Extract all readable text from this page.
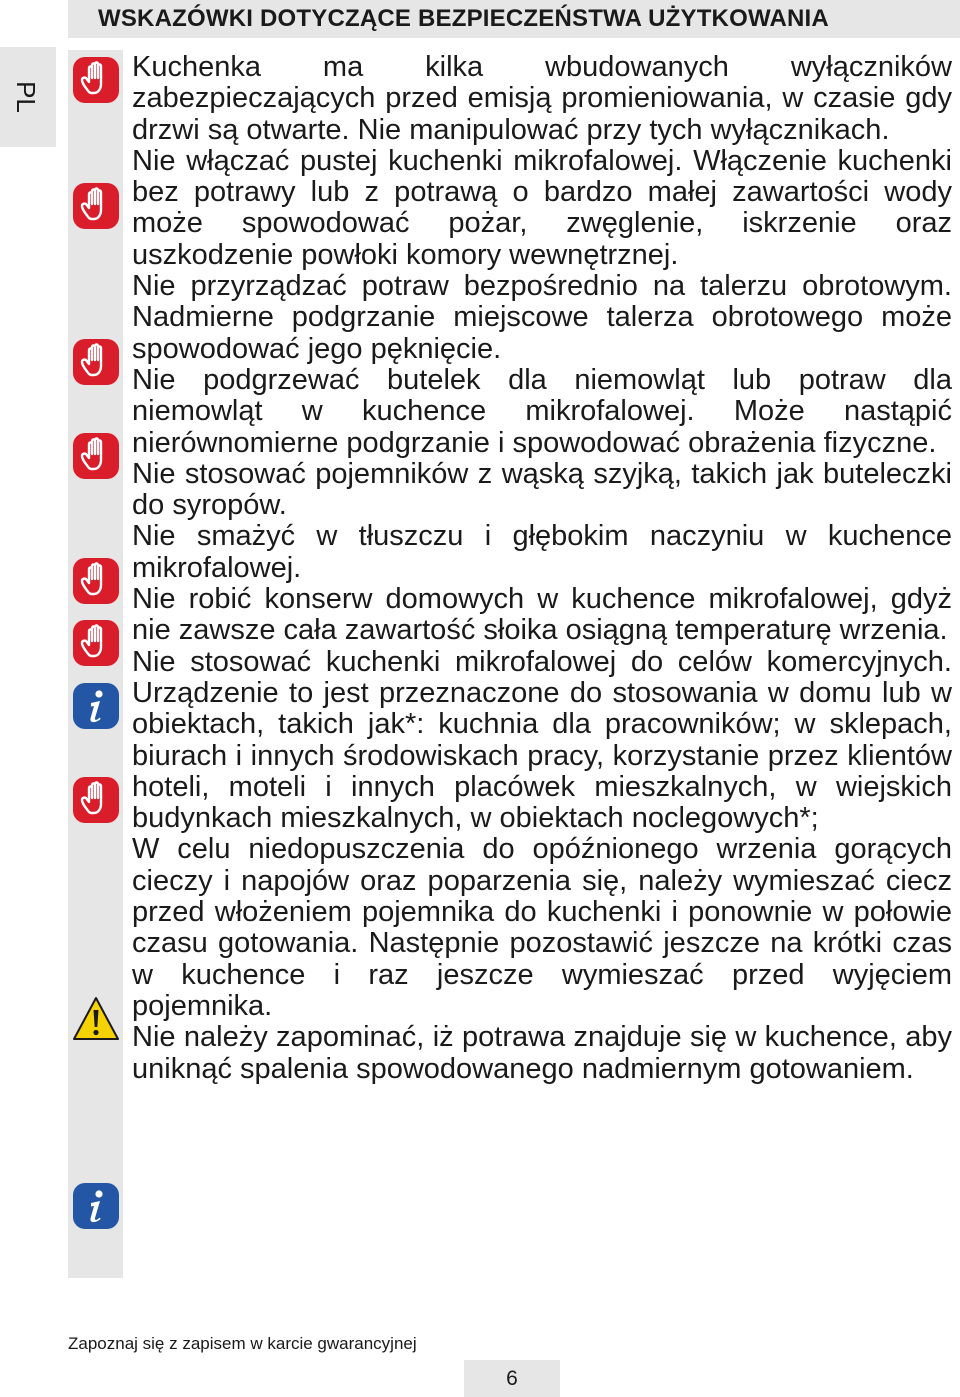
WSKAZÓWKI DOTYCZĄCE BEZPIECZEŃSTWA UŻYTKOWANIA
PL

Kuchenka ma kilka wbudowanych wyłączników zabezpieczających przed emisją promieniowania, w czasie gdy drzwi są otwarte. Nie manipulować przy tych wyłącznikach.

Nie włączać pustej kuchenki mikrofalowej. Włączenie kuchenki bez potrawy lub z potrawą o bardzo małej zawartości wody może spowodować pożar, zwęglenie, iskrzenie oraz uszkodzenie powłoki komory wewnętrznej.

Nie przyrządzać potraw bezpośrednio na talerzu obrotowym. Nadmierne podgrzanie miejscowe talerza obrotowego może spowodować jego pęknięcie.

Nie podgrzewać butelek dla niemowląt lub potraw dla niemowląt w kuchence mikrofalowej. Może nastąpić nierównomierne podgrzanie i spowodować obrażenia fizyczne.

Nie stosować pojemników z wąską szyjką, takich jak buteleczki do syropów.

Nie smażyć w tłuszczu i głębokim naczyniu w kuchence mikrofalowej.

Nie robić konserw domowych w kuchence mikrofalowej, gdyż nie zawsze cała zawartość słoika osiągną temperaturę wrzenia.

Nie stosować kuchenki mikrofalowej do celów komercyjnych. Urządzenie to jest przeznaczone do stosowania w domu lub w obiektach, takich jak*: kuchnia dla pracowników; w sklepach, biurach i innych środowiskach pracy, korzystanie przez klientów hoteli, moteli i innych placówek mieszkalnych, w wiejskich budynkach mieszkalnych, w obiektach noclegowych*;

W celu niedopuszczenia do opóźnionego wrzenia gorących cieczy i napojów oraz poparzenia się, należy wymieszać ciecz przed włożeniem pojemnika do kuchenki i ponownie w połowie czasu gotowania. Następnie pozostawić jeszcze na krótki czas w kuchence i raz jeszcze wymieszać przed wyjęciem pojemnika.

Nie należy zapominać, iż potrawa znajduje się w kuchence, aby uniknąć spalenia spowodowanego nadmiernym gotowaniem.

Zapoznaj się z zapisem w karcie gwarancyjnej
6
